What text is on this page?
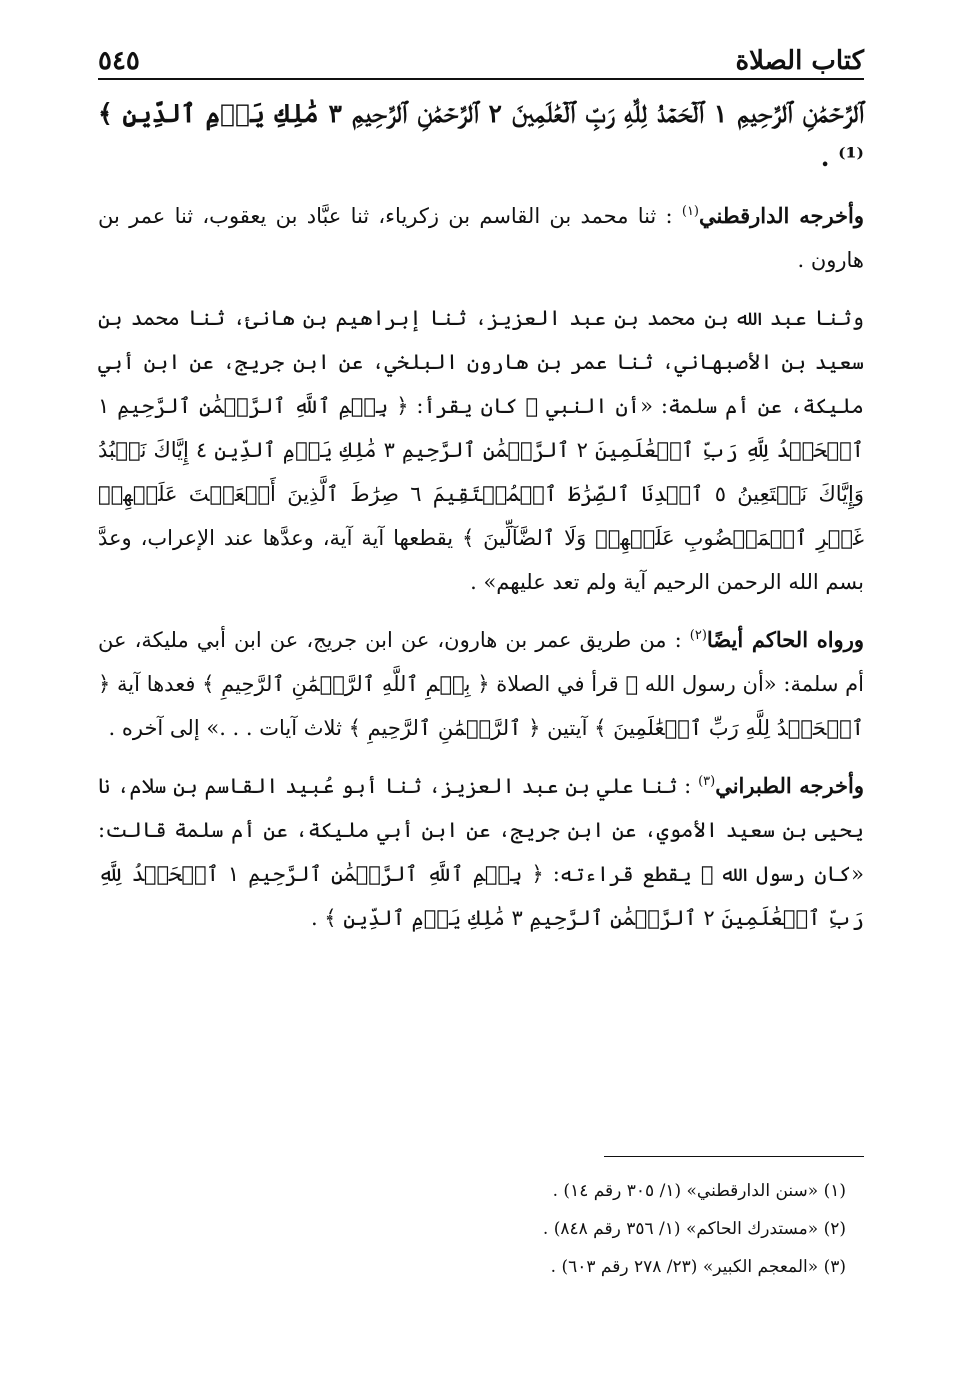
كتاب الصلاة
٥٤٥

ﭐﻟﺮَّﺣۡﻤَٰﻦِ ﭐﻟﺮَّﺣِﻴﻢِ ١ ﭐﻟۡﺤَﻤۡﺪُ ﻟِﻠَّﻪِ ﺭَﺏِّ ﭐﻟۡﻌَٰﻠَﻤِﻴﻦَ ٢ ﭐﻟﺮَّﺣۡﻤَٰﻦِ ﭐﻟﺮَّﺣِﻴﻢِ ٣ مَٰلِكِ يَوۡمِ ٱلدِّينِ ﴾⁽¹⁾ .

وأخرجه الدارقطني$^{(١)}$ : ثنا محمد بن القاسم بن زكرياء، ثنا عبَّاد بن يعقوب، ثنا عمر بن هارون .

وثنا عبد الله بن محمد بن عبد العزيز، ثنا إبراهيم بن هانئ، ثنا محمد بن سعيد بن الأصبهاني، ثنا عمر بن هارون البلخي، عن ابن جريج، عن ابن أبي مليكة، عن أم سلمة: «أن النبي ﷺ كان يقرأ: ﴿ بِسۡمِ ٱللَّهِ ٱلرَّحۡمَٰنِ ٱلرَّحِيمِ ١ ٱلۡحَمۡدُ لِلَّهِ رَبِّ ٱلۡعَٰلَمِينَ ٢ ٱلرَّحۡمَٰنِ ٱلرَّحِيمِ ٣ مَٰلِكِ يَوۡمِ ٱلدِّينِ ٤ إِيَّاكَ نَعۡبُدُ وَإِيَّاكَ نَسۡتَعِينُ ٥ ٱهۡدِنَا ٱلصِّرَٰطَ ٱلۡمُسۡتَقِيمَ ٦ صِرَٰطَ ٱلَّذِينَ أَنۡعَمۡتَ عَلَيۡهِمۡ غَيۡرِ ٱلۡمَغۡضُوبِ عَلَيۡهِمۡ وَلَا ٱلضَّآلِّينَ ﴾ يقطعها آية آية، وعدَّها عند الإعراب، وعدَّ بسم الله الرحمن الرحيم آية ولم تعد عليهم» .

ورواه الحاكم أيضًا$^{(٢)}$ : من طريق عمر بن هارون، عن ابن جريج، عن ابن أبي مليكة، عن أم سلمة: «أن رسول الله ﷺ قرأ في الصلاة ﴿ بِسۡمِ ٱللَّهِ ٱلرَّحۡمَٰنِ ٱلرَّحِيمِ ﴾ فعدها آية ﴿ ٱلۡحَمۡدُ لِلَّهِ رَبِّ ٱلۡعَٰلَمِينَ ﴾ آيتين ﴿ ٱلرَّحۡمَٰنِ ٱلرَّحِيمِ ﴾ ثلاث آيات . . .» إلى آخره .

وأخرجه الطبراني$^{(٣)}$ : ثنا علي بن عبد العزيز، ثنا أبو عُبيد القاسم بن سلام، نا يحيى بن سعيد الأموي، عن ابن جريج، عن ابن أبي مليكة، عن أم سلمة قالت: «كان رسول الله ﷺ يقطع قراءته: ﴿ بِسۡمِ ٱللَّهِ ٱلرَّحۡمَٰنِ ٱلرَّحِيمِ ١ ٱلۡحَمۡدُ لِلَّهِ رَبِّ ٱلۡعَٰلَمِينَ ٢ ٱلرَّحۡمَٰنِ ٱلرَّحِيمِ ٣ مَٰلِكِ يَوۡمِ ٱلدِّينِ ﴾ .

(١) «سنن الدارقطني» (١/ ٣٠٥ رقم ١٤) .

(٢) «مستدرك الحاكم» (١/ ٣٥٦ رقم ٨٤٨) .

(٣) «المعجم الكبير» (٢٣/ ٢٧٨ رقم ٦٠٣) .
